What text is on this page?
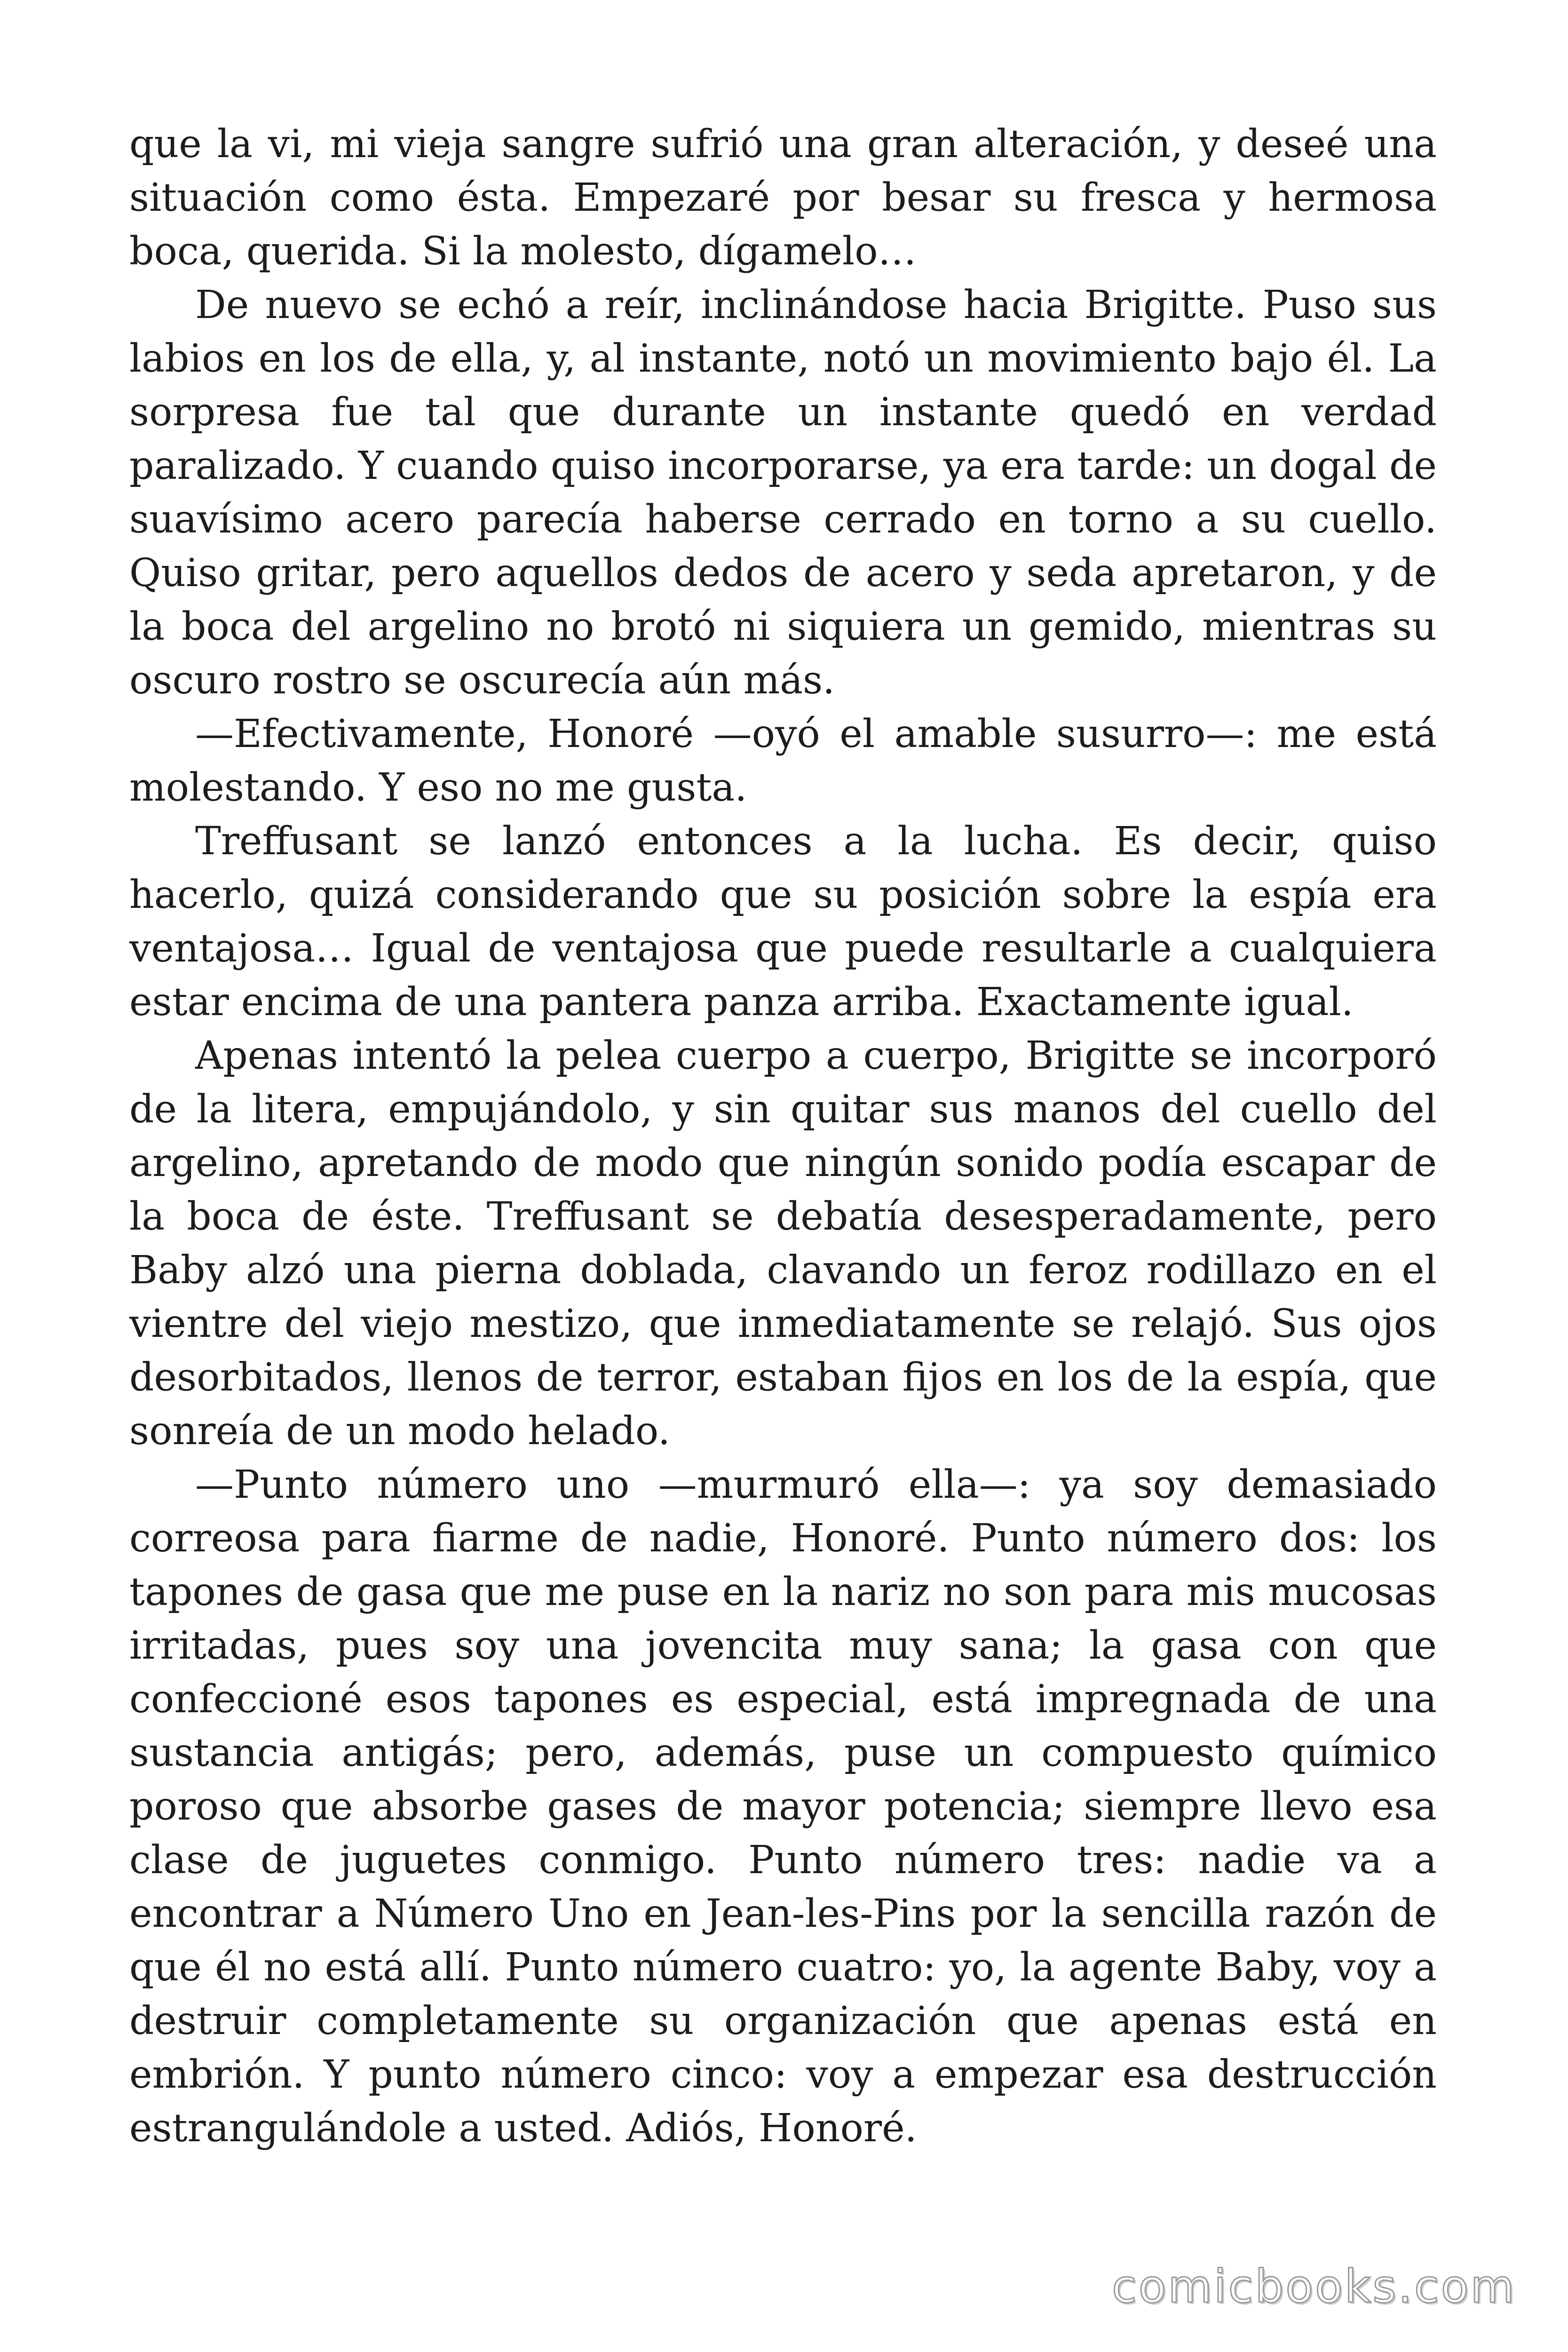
que la vi, mi vieja sangre sufrió una gran alteración, y deseé una situación como ésta. Empezaré por besar su fresca y hermosa boca, querida. Si la molesto, dígamelo…

De nuevo se echó a reír, inclinándose hacia Brigitte. Puso sus labios en los de ella, y, al instante, notó un movimiento bajo él. La sorpresa fue tal que durante un instante quedó en verdad paralizado. Y cuando quiso incorporarse, ya era tarde: un dogal de suavísimo acero parecía haberse cerrado en torno a su cuello. Quiso gritar, pero aquellos dedos de acero y seda apretaron, y de la boca del argelino no brotó ni siquiera un gemido, mientras su oscuro rostro se oscurecía aún más.

—Efectivamente, Honoré —oyó el amable susurro—: me está molestando. Y eso no me gusta.

Treffusant se lanzó entonces a la lucha. Es decir, quiso hacerlo, quizá considerando que su posición sobre la espía era ventajosa… Igual de ventajosa que puede resultarle a cualquiera estar encima de una pantera panza arriba. Exactamente igual.

Apenas intentó la pelea cuerpo a cuerpo, Brigitte se incorporó de la litera, empujándolo, y sin quitar sus manos del cuello del argelino, apretando de modo que ningún sonido podía escapar de la boca de éste. Treffusant se debatía desesperadamente, pero Baby alzó una pierna doblada, clavando un feroz rodillazo en el vientre del viejo mestizo, que inmediatamente se relajó. Sus ojos desorbitados, llenos de terror, estaban fijos en los de la espía, que sonreía de un modo helado.

—Punto número uno —murmuró ella—: ya soy demasiado correosa para fiarme de nadie, Honoré. Punto número dos: los tapones de gasa que me puse en la nariz no son para mis mucosas irritadas, pues soy una jovencita muy sana; la gasa con que confeccioné esos tapones es especial, está impregnada de una sustancia antigás; pero, además, puse un compuesto químico poroso que absorbe gases de mayor potencia; siempre llevo esa clase de juguetes conmigo. Punto número tres: nadie va a encontrar a Número Uno en Jean-les-Pins por la sencilla razón de que él no está allí. Punto número cuatro: yo, la agente Baby, voy a destruir completamente su organización que apenas está en embrión. Y punto número cinco: voy a empezar esa destrucción estrangulándole a usted. Adiós, Honoré.

comicbooks.com
